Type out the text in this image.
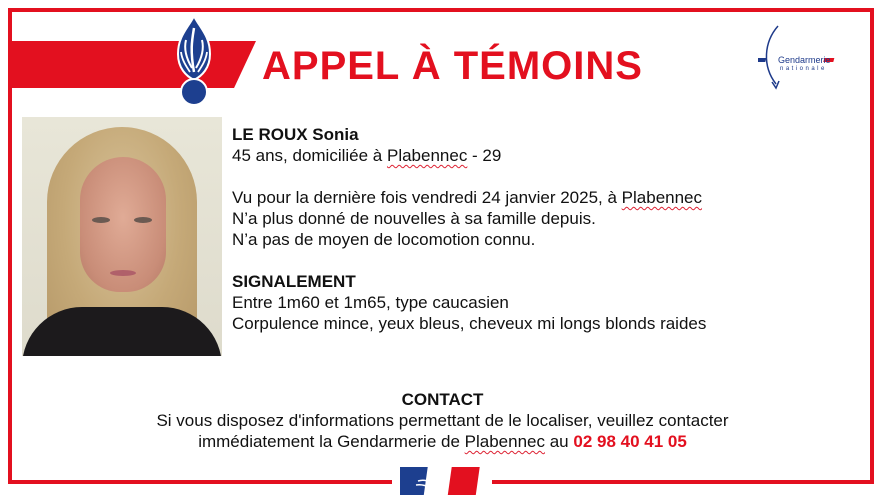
APPEL À TÉMOINS	Gendarmerie
nationale
LE ROUX Sonia
45 ans, domiciliée à Plabennec - 29
Vu pour la dernière fois vendredi 24 janvier 2025, à Plabennec
N’a plus donné de nouvelles à sa famille depuis.
N’a pas de moyen de locomotion connu.
SIGNALEMENT
Entre 1m60 et 1m65, type caucasien
Corpulence mince, yeux bleus, cheveux mi longs blonds raides
CONTACT
Si vous disposez d'informations permettant de le localiser, veuillez contacter
immédiatement la Gendarmerie de Plabennec au 02 98 40 41 05
